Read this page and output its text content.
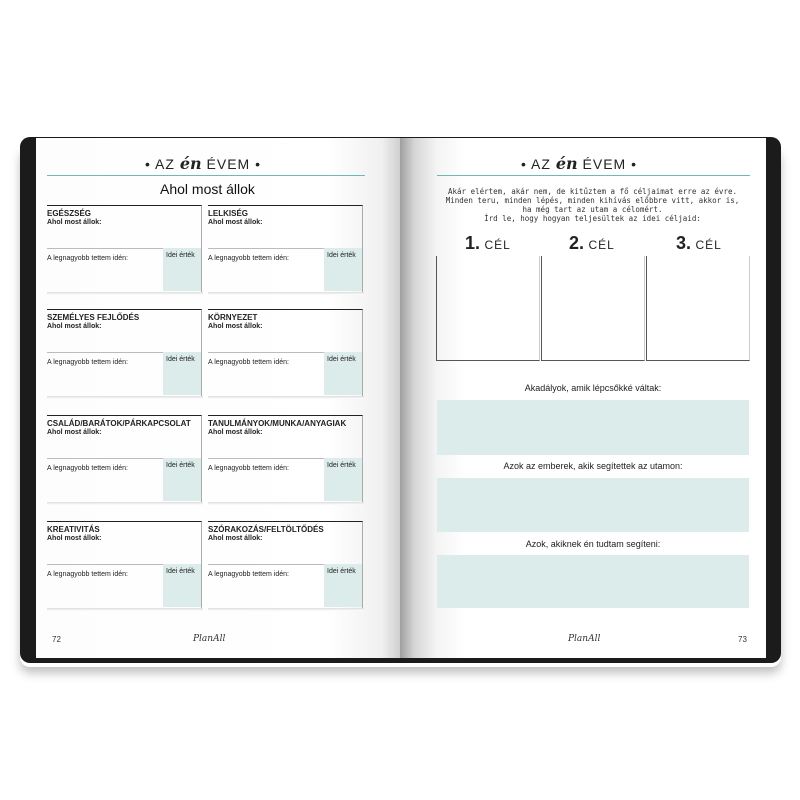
• AZ én ÉVEM •
Ahol most állok
EGÉSZSÉG
Ahol most állok:
A legnagyobb tettem idén:	Idei érték
LELKISÉG
Ahol most állok:
A legnagyobb tettem idén:	Idei érték
SZEMÉLYES FEJLŐDÉS
Ahol most állok:
A legnagyobb tettem idén:	Idei érték
KÖRNYEZET
Ahol most állok:
A legnagyobb tettem idén:	Idei érték
CSALÁD/BARÁTOK/PÁRKAPCSOLAT
Ahol most állok:
A legnagyobb tettem idén:	Idei érték
TANULMÁNYOK/MUNKA/ANYAGIAK
Ahol most állok:
A legnagyobb tettem idén:	Idei érték
KREATIVITÁS
Ahol most állok:
A legnagyobb tettem idén:	Idei érték
SZÓRAKOZÁS/FELTÖLTŐDÉS
Ahol most állok:
A legnagyobb tettem idén:	Idei érték
72	PlanAll
• AZ én ÉVEM •
Akár elértem, akár nem, de kitűztem a fő céljaimat erre az évre.
Minden teru, minden lépés, minden kihívás előbbre vitt, akkor is,
ha még tart az utam a célomért.
Írd le, hogy hogyan teljesültek az idei céljaid:
1. CÉL	2. CÉL	3. CÉL
Akadályok, amik lépcsőkké váltak:
Azok az emberek, akik segítettek az utamon:
Azok, akiknek én tudtam segíteni:
PlanAll	73
